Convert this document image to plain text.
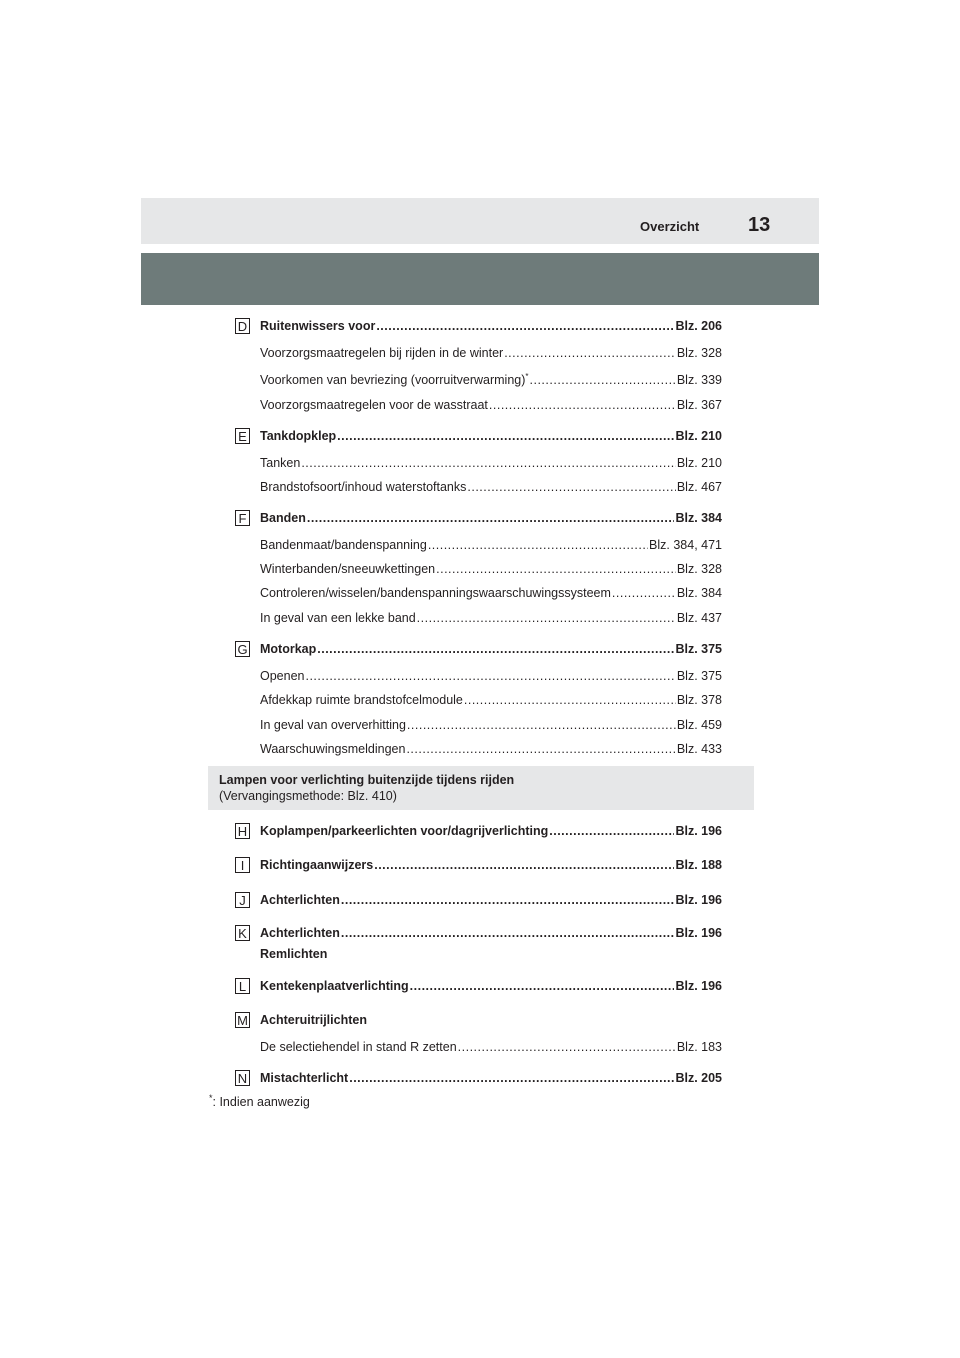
Overzicht 13
D Ruitenwissers voor .....	Blz. 206
Voorzorgsmaatregelen bij rijden in de winter .....	Blz. 328
Voorkomen van bevriezing (voorruitverwarming)* .....	Blz. 339
Voorzorgsmaatregelen voor de wasstraat .....	Blz. 367
E Tankdopklep .....	Blz. 210
Tanken .....	Blz. 210
Brandstofsoort/inhoud waterstoftanks .....	Blz. 467
F Banden .....	Blz. 384
Bandenmaat/bandenspanning .....	Blz. 384, 471
Winterbanden/sneeuwkettingen .....	Blz. 328
Controleren/wisselen/bandenspanningswaarschuwingssysteem .....	Blz. 384
In geval van een lekke band .....	Blz. 437
G Motorkap .....	Blz. 375
Openen .....	Blz. 375
Afdekkap ruimte brandstofcelmodule .....	Blz. 378
In geval van oververhitting .....	Blz. 459
Waarschuwingsmeldingen .....	Blz. 433
Lampen voor verlichting buitenzijde tijdens rijden
(Vervangingsmethode: Blz. 410)
H Koplampen/parkeerlichten voor/dagrijverlichting .....	Blz. 196
I	Richtingaanwijzers .....	Blz. 188
J	Achterlichten .....	Blz. 196
K Achterlichten .....	Blz. 196
Remlichten
L	Kentekenplaatverlichting .....	Blz. 196
M Achteruitrijlichten
De selectiehendel in stand R zetten .....	Blz. 183
N Mistachterlicht .....	Blz. 205
*: Indien aanwezig
